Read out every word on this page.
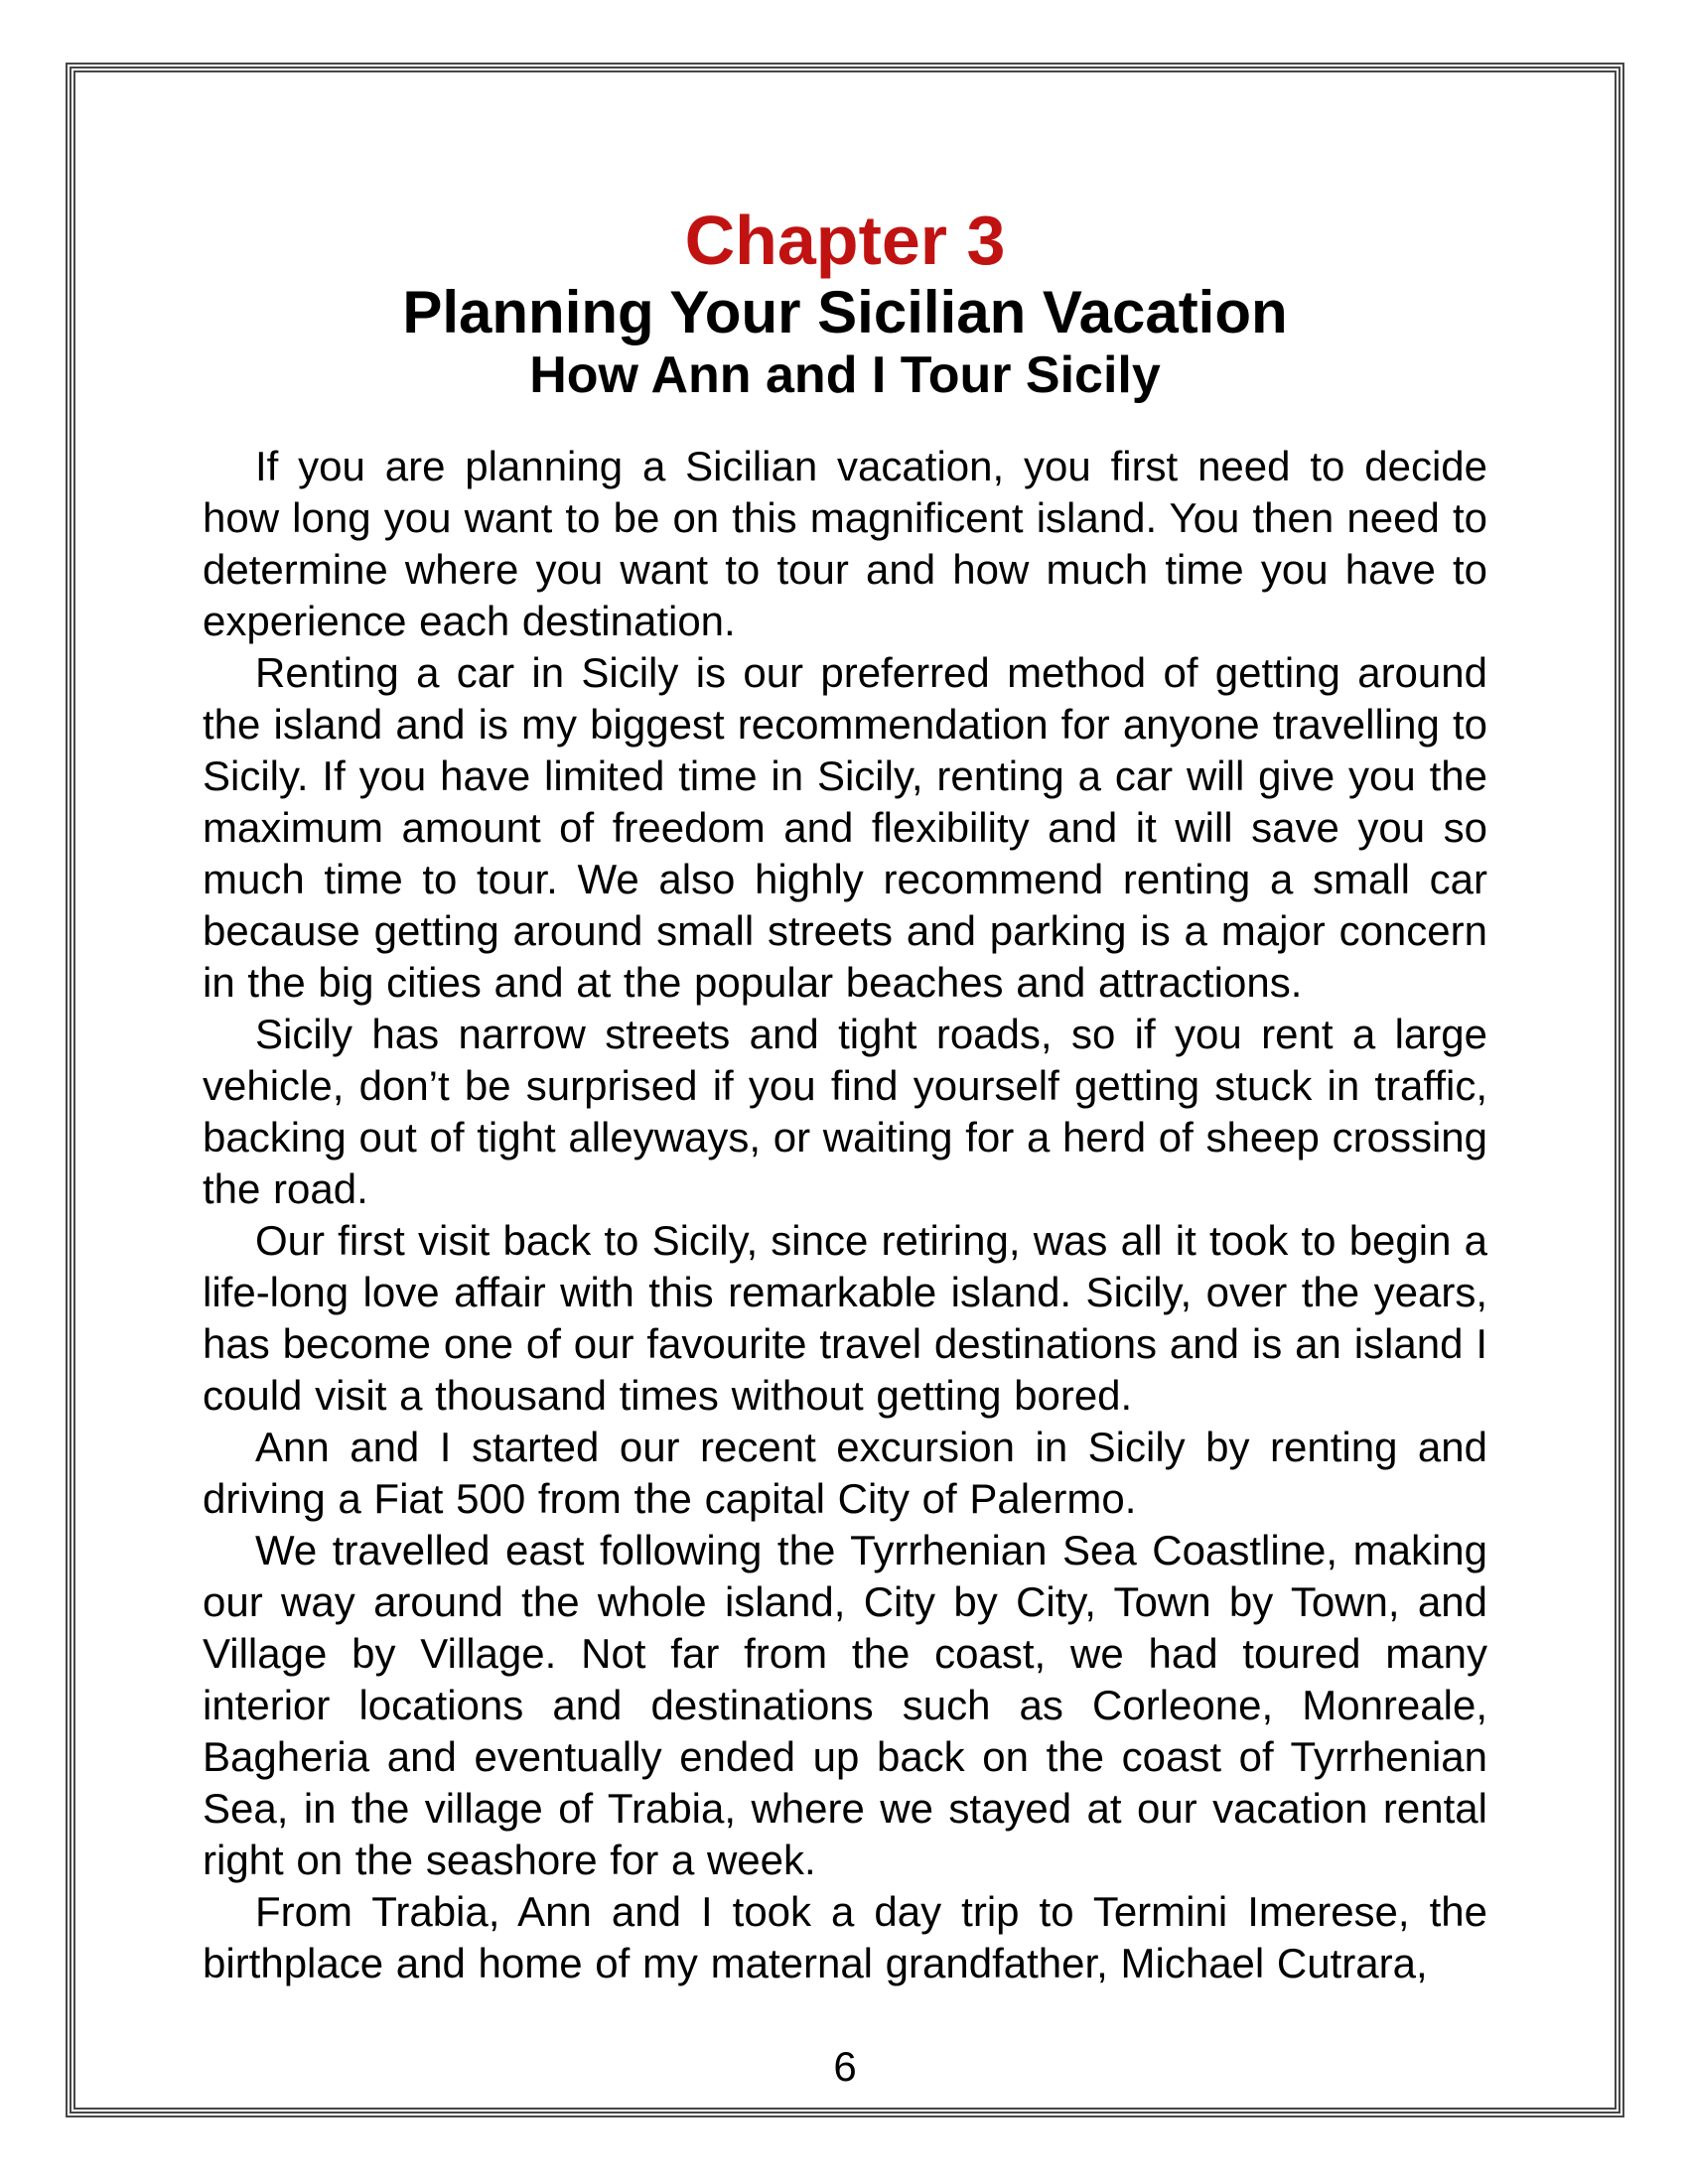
Chapter 3
Planning Your Sicilian Vacation
How Ann and I Tour Sicily

If you are planning a Sicilian vacation, you first need to decide how long you want to be on this magnificent island. You then need to determine where you want to tour and how much time you have to experience each destination.

Renting a car in Sicily is our preferred method of getting around the island and is my biggest recommendation for anyone travelling to Sicily. If you have limited time in Sicily, renting a car will give you the maximum amount of freedom and flexibility and it will save you so much time to tour. We also highly recommend renting a small car because getting around small streets and parking is a major concern in the big cities and at the popular beaches and attractions.

Sicily has narrow streets and tight roads, so if you rent a large vehicle, don’t be surprised if you find yourself getting stuck in traffic, backing out of tight alleyways, or waiting for a herd of sheep crossing the road.

Our first visit back to Sicily, since retiring, was all it took to begin a life-long love affair with this remarkable island. Sicily, over the years, has become one of our favourite travel destinations and is an island I could visit a thousand times without getting bored.

Ann and I started our recent excursion in Sicily by renting and driving a Fiat 500 from the capital City of Palermo.

We travelled east following the Tyrrhenian Sea Coastline, making our way around the whole island, City by City, Town by Town, and Village by Village. Not far from the coast, we had toured many interior locations and destinations such as Corleone, Monreale, Bagheria and eventually ended up back on the coast of Tyrrhenian Sea, in the village of Trabia, where we stayed at our vacation rental right on the seashore for a week.

From Trabia, Ann and I took a day trip to Termini Imerese, the birthplace and home of my maternal grandfather, Michael Cutrara,

6
